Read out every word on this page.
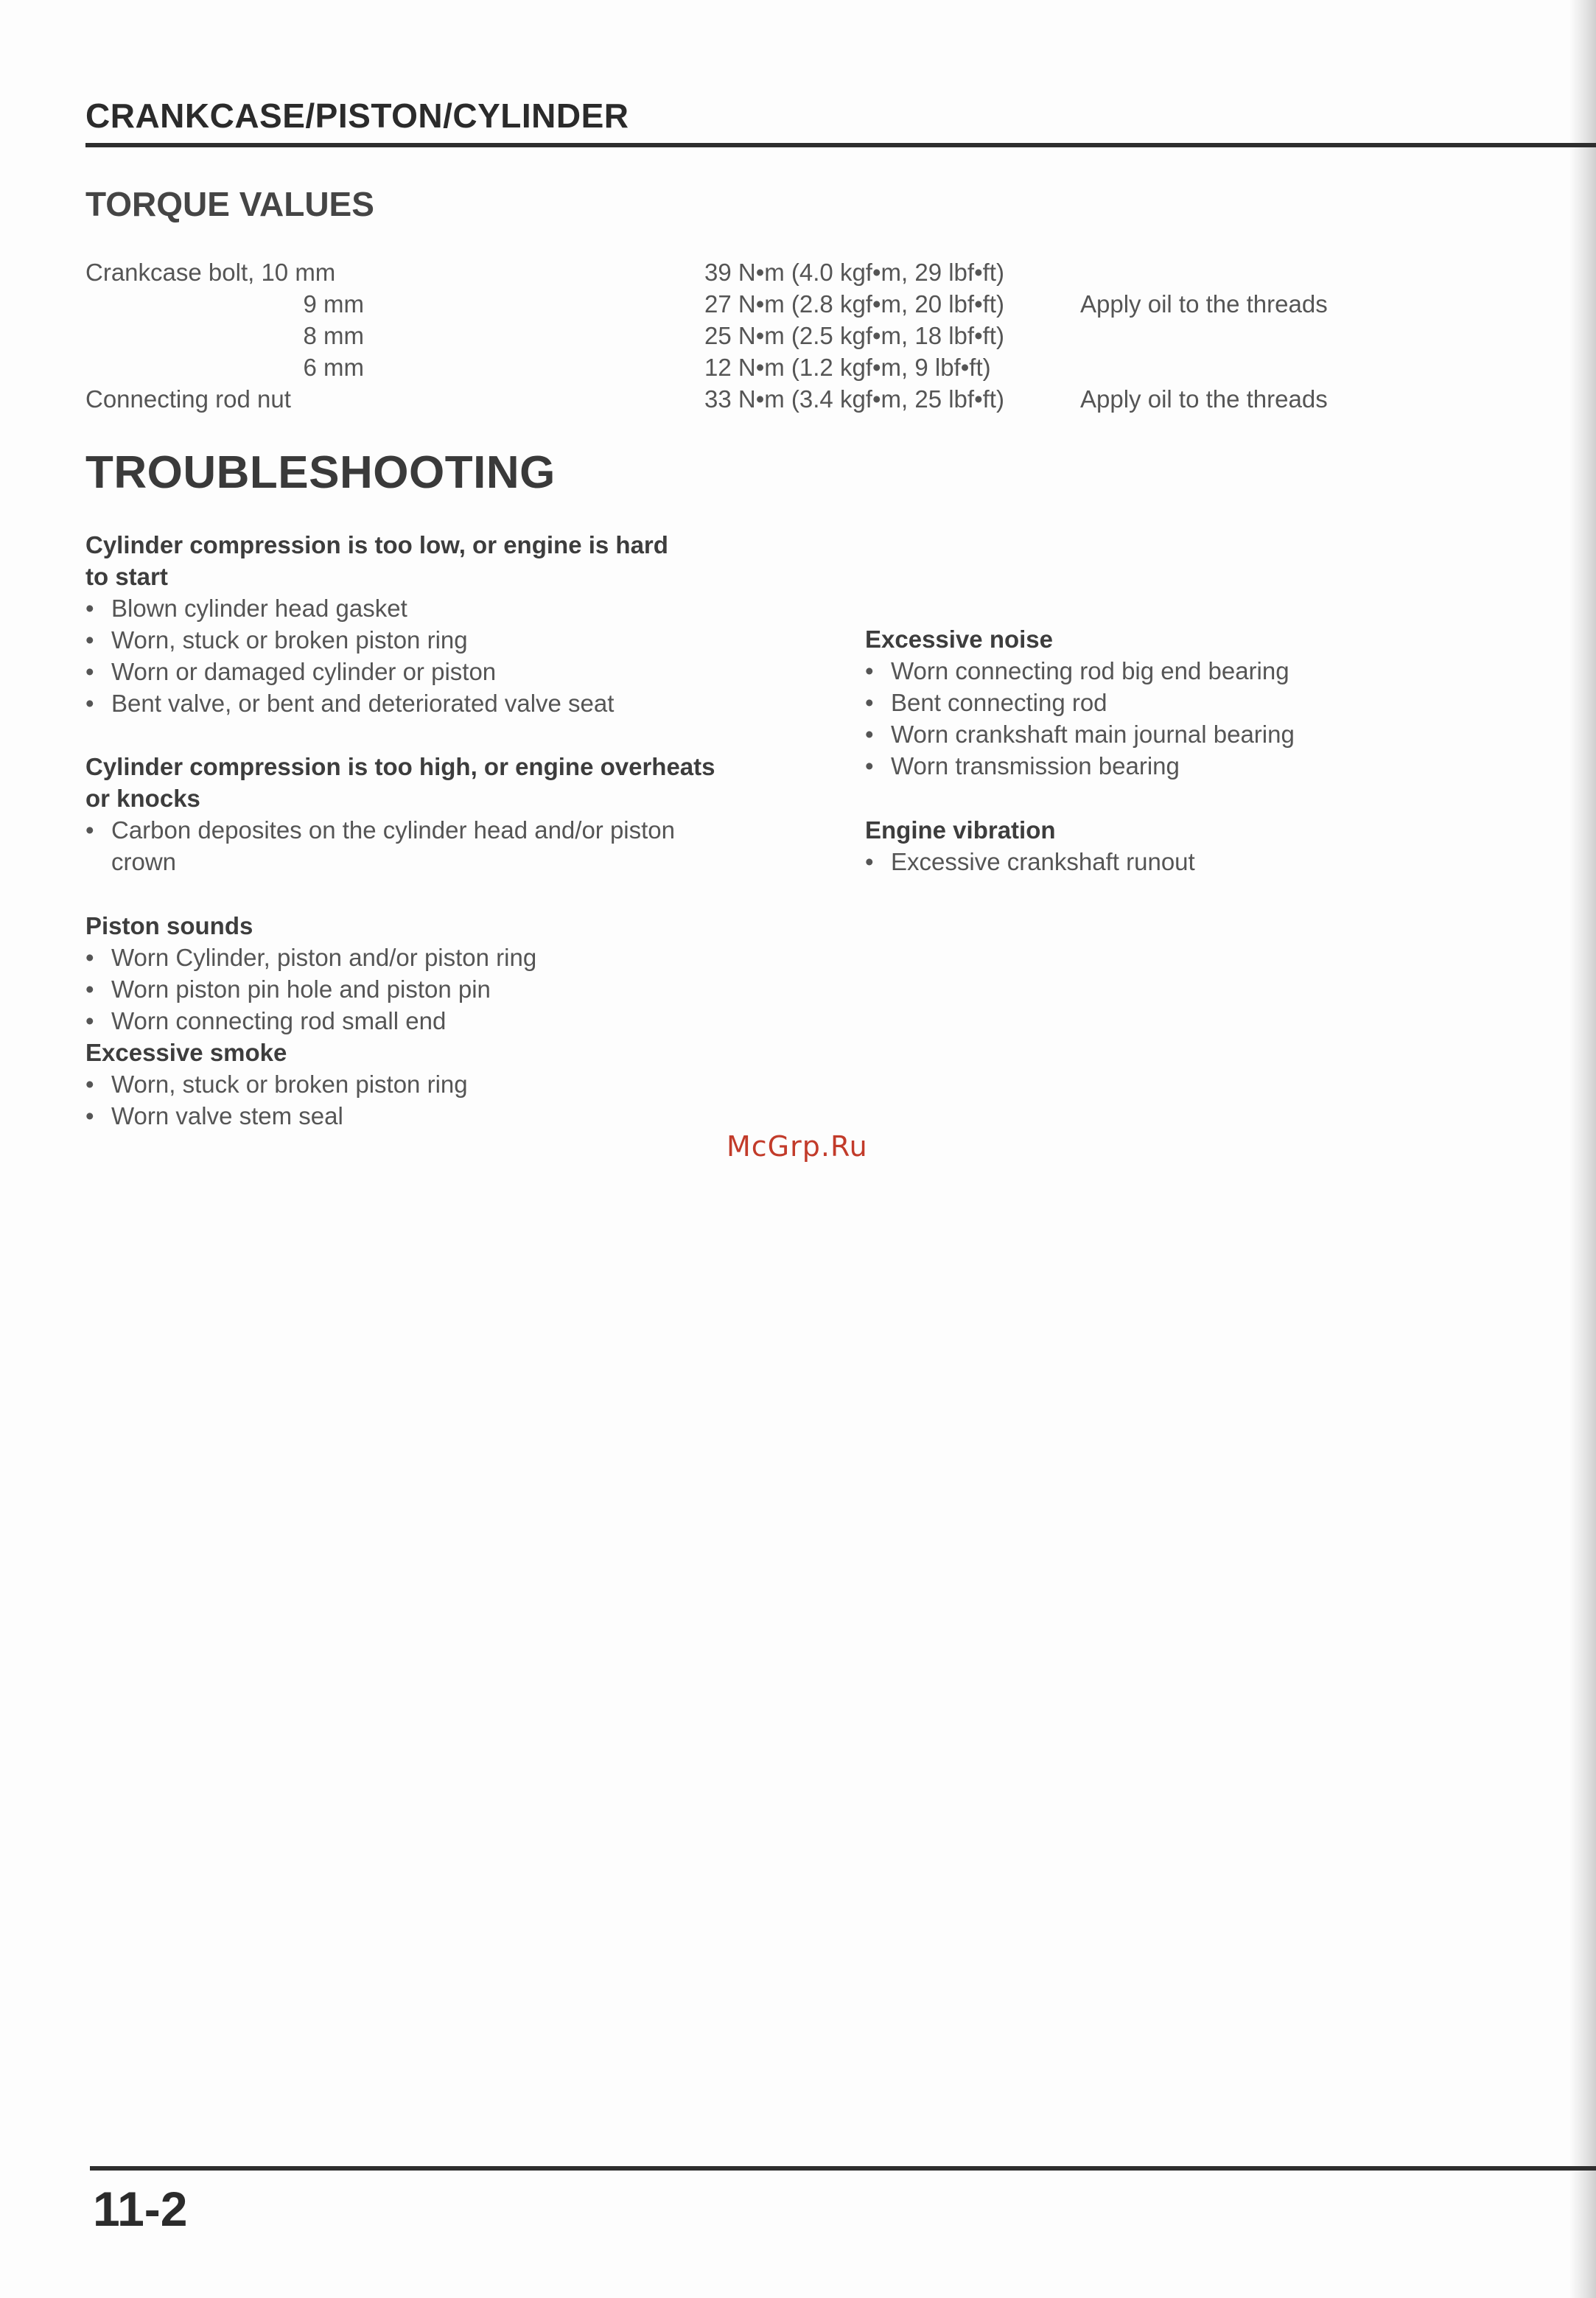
CRANKCASE/PISTON/CYLINDER
TORQUE VALUES
Crankcase bolt, 10 mm
9 mm
8 mm
6 mm
Connecting rod nut
39 N•m (4.0 kgf•m, 29 lbf•ft)
27 N•m (2.8 kgf•m, 20 lbf•ft)
25 N•m (2.5 kgf•m, 18 lbf•ft)
12 N•m (1.2 kgf•m, 9 lbf•ft)
33 N•m (3.4 kgf•m, 25 lbf•ft)
Apply oil to the threads
Apply oil to the threads
TROUBLESHOOTING
Cylinder compression is too low, or engine is hard
to start
• Blown cylinder head gasket
• Worn, stuck or broken piston ring
• Worn or damaged cylinder or piston
• Bent valve, or bent and deteriorated valve seat
Cylinder compression is too high, or engine overheats
or knocks
• Carbon deposites on the cylinder head and/or piston crown
Piston sounds
• Worn Cylinder, piston and/or piston ring
• Worn piston pin hole and piston pin
• Worn connecting rod small end
Excessive smoke
• Worn, stuck or broken piston ring
• Worn valve stem seal
Excessive noise
• Worn connecting rod big end bearing
• Bent connecting rod
• Worn crankshaft main journal bearing
• Worn transmission bearing
Engine vibration
• Excessive crankshaft runout
McGrp.Ru
11-2
